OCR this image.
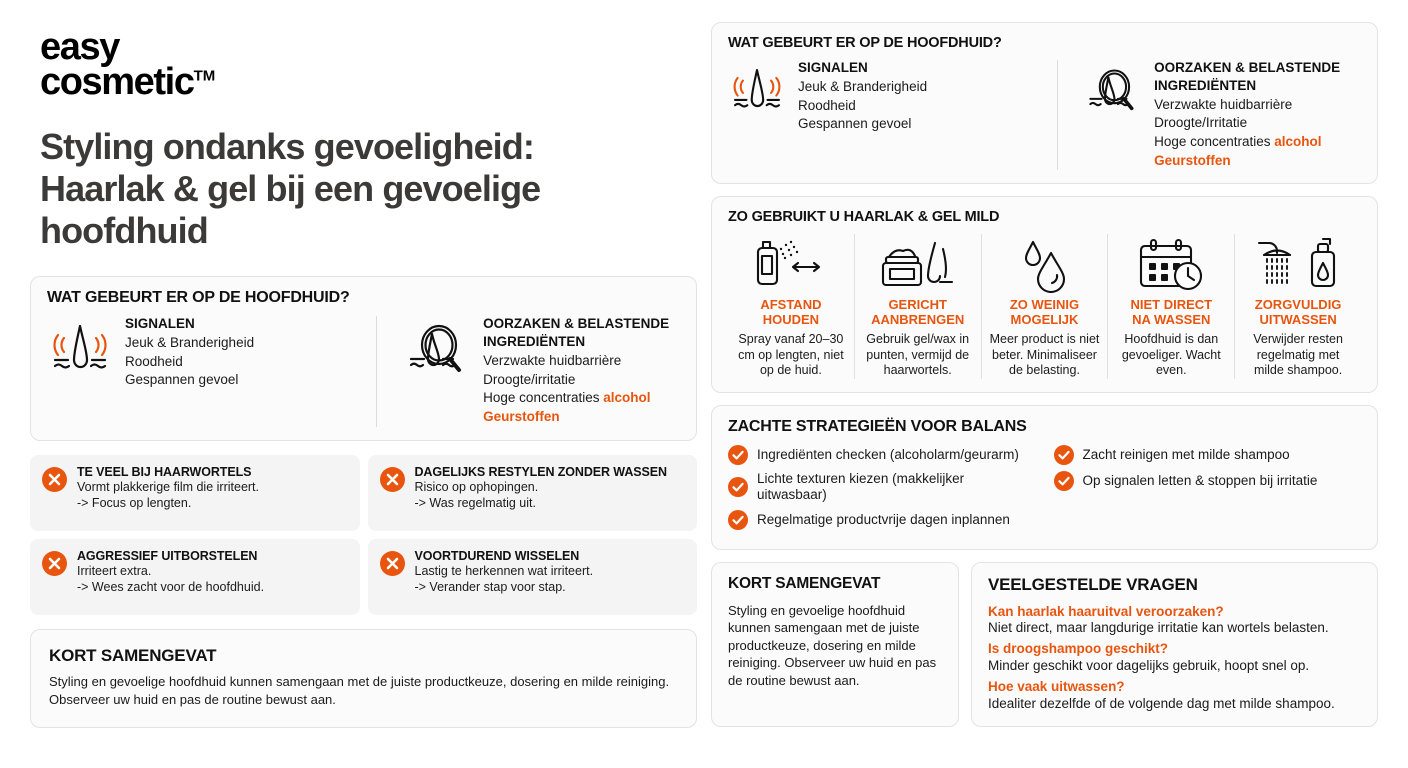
easy
cosmetic™
Styling ondanks gevoeligheid: Haarlak & gel bij een gevoelige hoofdhuid
WAT GEBEURT ER OP DE HOOFDHUID?
SIGNALEN
Jeuk & Branderigheid
Roodheid
Gespannen gevoel
OORZAKEN & BELASTENDE
INGREDIËNTEN
Verzwakte huidbarrière
Droogte/irritatie
Hoge concentraties alcohol
Geurstoffen
TE VEEL BIJ HAARWORTELS
Vormt plakkerige film die irriteert.
-> Focus op lengten.
DAGELIJKS RESTYLEN ZONDER WASSEN
Risico op ophopingen.
-> Was regelmatig uit.
AGGRESSIEF UITBORSTELEN
Irriteert extra.
-> Wees zacht voor de hoofdhuid.
VOORTDUREND WISSELEN
Lastig te herkennen wat irriteert.
-> Verander stap voor stap.
KORT SAMENGEVAT

Styling en gevoelige hoofdhuid kunnen samengaan met de juiste productkeuze, dosering en milde reiniging. Observeer uw huid en pas de routine bewust aan.

WAT GEBEURT ER OP DE HOOFDHUID?
SIGNALEN
Jeuk & Branderigheid
Roodheid
Gespannen gevoel
OORZAKEN & BELASTENDE
INGREDIËNTEN
Verzwakte huidbarrière
Droogte/Irritatie
Hoge concentraties alcohol
Geurstoffen
ZO GEBRUIKT U HAARLAK & GEL MILD
AFSTAND
HOUDEN
Spray vanaf 20–30 cm op lengten, niet op de huid.
GERICHT
AANBRENGEN
Gebruik gel/wax in punten, vermijd de haarwortels.
ZO WEINIG
MOGELIJK
Meer product is niet beter. Minimaliseer de belasting.
NIET DIRECT
NA WASSEN
Hoofdhuid is dan gevoeliger. Wacht even.
ZORGVULDIG
UITWASSEN
Verwijder resten regelmatig met milde shampoo.
ZACHTE STRATEGIEËN VOOR BALANS
Ingrediënten checken (alcoholarm/geurarm)
Lichte texturen kiezen (makkelijker uitwasbaar)
Regelmatige productvrije dagen inplannen
Zacht reinigen met milde shampoo
Op signalen letten & stoppen bij irritatie
KORT SAMENGEVAT

Styling en gevoelige hoofdhuid kunnen samengaan met de juiste productkeuze, dosering en milde reiniging. Observeer uw huid en pas de routine bewust aan.

VEELGESTELDE VRAGEN
Kan haarlak haaruitval veroorzaken?
Niet direct, maar langdurige irritatie kan wortels belasten.
Is droogshampoo geschikt?
Minder geschikt voor dagelijks gebruik, hoopt snel op.
Hoe vaak uitwassen?
Idealiter dezelfde of de volgende dag met milde shampoo.
